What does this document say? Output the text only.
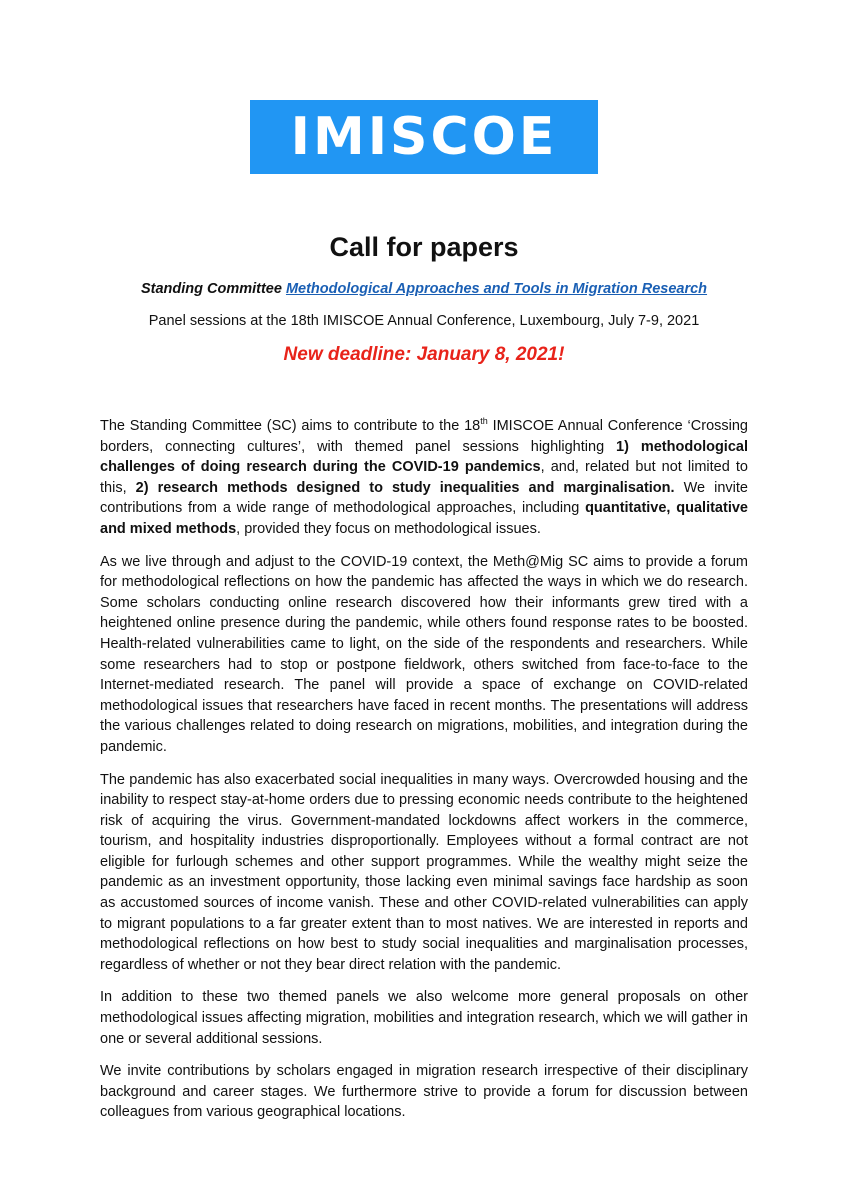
IMISCOE
Call for papers
Standing Committee Methodological Approaches and Tools in Migration Research
Panel sessions at the 18th IMISCOE Annual Conference, Luxembourg, July 7-9, 2021
New deadline: January 8, 2021!

The Standing Committee (SC) aims to contribute to the 18th IMISCOE Annual Conference ‘Crossing borders, connecting cultures’, with themed panel sessions highlighting 1) methodological challenges of doing research during the COVID-19 pandemics, and, related but not limited to this, 2) research methods designed to study inequalities and marginalisation. We invite contributions from a wide range of methodological approaches, including quantitative, qualitative and mixed methods, provided they focus on methodological issues.

As we live through and adjust to the COVID-19 context, the Meth@Mig SC aims to provide a forum for methodological reflections on how the pandemic has affected the ways in which we do research. Some scholars conducting online research discovered how their informants grew tired with a heightened online presence during the pandemic, while others found response rates to be boosted. Health-related vulnerabilities came to light, on the side of the respondents and researchers. While some researchers had to stop or postpone fieldwork, others switched from face-to-face to the Internet-mediated research. The panel will provide a space of exchange on COVID-related methodological issues that researchers have faced in recent months. The presentations will address the various challenges related to doing research on migrations, mobilities, and integration during the pandemic.

The pandemic has also exacerbated social inequalities in many ways. Overcrowded housing and the inability to respect stay-at-home orders due to pressing economic needs contribute to the heightened risk of acquiring the virus. Government-mandated lockdowns affect workers in the commerce, tourism, and hospitality industries disproportionally. Employees without a formal contract are not eligible for furlough schemes and other support programmes. While the wealthy might seize the pandemic as an investment opportunity, those lacking even minimal savings face hardship as soon as accustomed sources of income vanish. These and other COVID-related vulnerabilities can apply to migrant populations to a far greater extent than to most natives. We are interested in reports and methodological reflections on how best to study social inequalities and marginalisation processes, regardless of whether or not they bear direct relation with the pandemic.

In addition to these two themed panels we also welcome more general proposals on other methodological issues affecting migration, mobilities and integration research, which we will gather in one or several additional sessions.

We invite contributions by scholars engaged in migration research irrespective of their disciplinary background and career stages. We furthermore strive to provide a forum for discussion between colleagues from various geographical locations.
